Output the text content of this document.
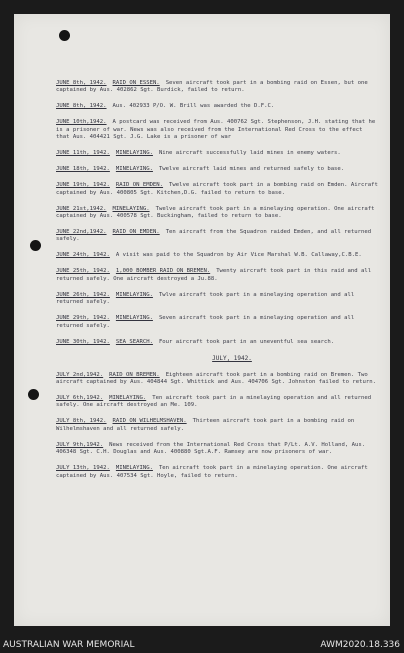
JUNE 8th, 1942. RAID ON ESSEN. Seven aircraft took part in a bombing raid on Essen, but one captained by Aus. 402862 Sgt. Burdick, failed to return.
JUNE 8th, 1942. Aus. 402933 P/O. W. Brill was awarded the D.F.C.
JUNE 10th,1942. A postcard was received from Aus. 400762 Sgt. Stephenson, J.H. stating that he is a prisoner of war. News was also received from the International Red Cross to the effect that Aus. 404421 Sgt. J.G. Lake is a prisoner of war
JUNE 11th, 1942. MINELAYING. Nine aircraft successfully laid mines in enemy waters.
JUNE 18th, 1942. MINELAYING. Twelve aircraft laid mines and returned safely to base.
JUNE 19th, 1942. RAID ON EMDEN. Twelve aircraft took part in a bombing raid on Emden. Aircraft captained by Aus. 400805 Sgt. Kitchen,D.G. failed to return to base.
JUNE 21st,1942. MINELAYING. Twelve aircraft took part in a minelaying operation. One aircraft captained by Aus. 400578 Sgt. Buckingham, failed to return to base.
JUNE 22nd,1942. RAID ON EMDEN. Ten aircraft from the Squadron raided Emden, and all returned safely.
JUNE 24th, 1942. A visit was paid to the Squadron by Air Vice Marshal W.B. Callaway,C.B.E.
JUNE 25th, 1942. 1,000 BOMBER RAID ON BREMEN. Twenty aircraft took part in this raid and all returned safely. One aircraft destroyed a Ju.88.
JUNE 26th, 1942. MINELAYING. Twlve aircraft took part in a minelaying operation and all returned safely.
JUNE 29th, 1942. MINELAYING. Seven aircraft took part in a minelaying operation and all returned safely.
JUNE 30th, 1942. SEA SEARCH. Four aircraft took part in an uneventful sea search.
JULY, 1942.
JULY 2nd,1942. RAID ON BREMEN. Eighteen aircraft took part in a bombing raid on Bremen. Two aircraft captained by Aus. 404844 Sgt. Whittick and Aus. 404706 Sgt. Johnston failed to return.
JULY 6th,1942. MINELAYING. Ten aircraft took part in a minelaying operation and all returned safely. One aircraft destroyed an Me. 109.
JULY 8th, 1942. RAID ON WILHELMSHAVEN. Thirteen aircraft took part in a bombing raid on Wilhelmshaven and all returned safely.
JULY 9th,1942. News received from the International Red Cross that P/Lt. A.V. Holland, Aus. 406348 Sgt. C.H. Douglas and Aus. 400880 Sgt.A.F. Ramsey are now prisoners of war.
JULY 13th, 1942. MINELAYING. Ten aircraft took part in a minelaying operation. One aircraft captained by Aus. 407534 Sgt. Hoyle, failed to return.
AUSTRALIAN WAR MEMORIAL	AWM2020.18.336
